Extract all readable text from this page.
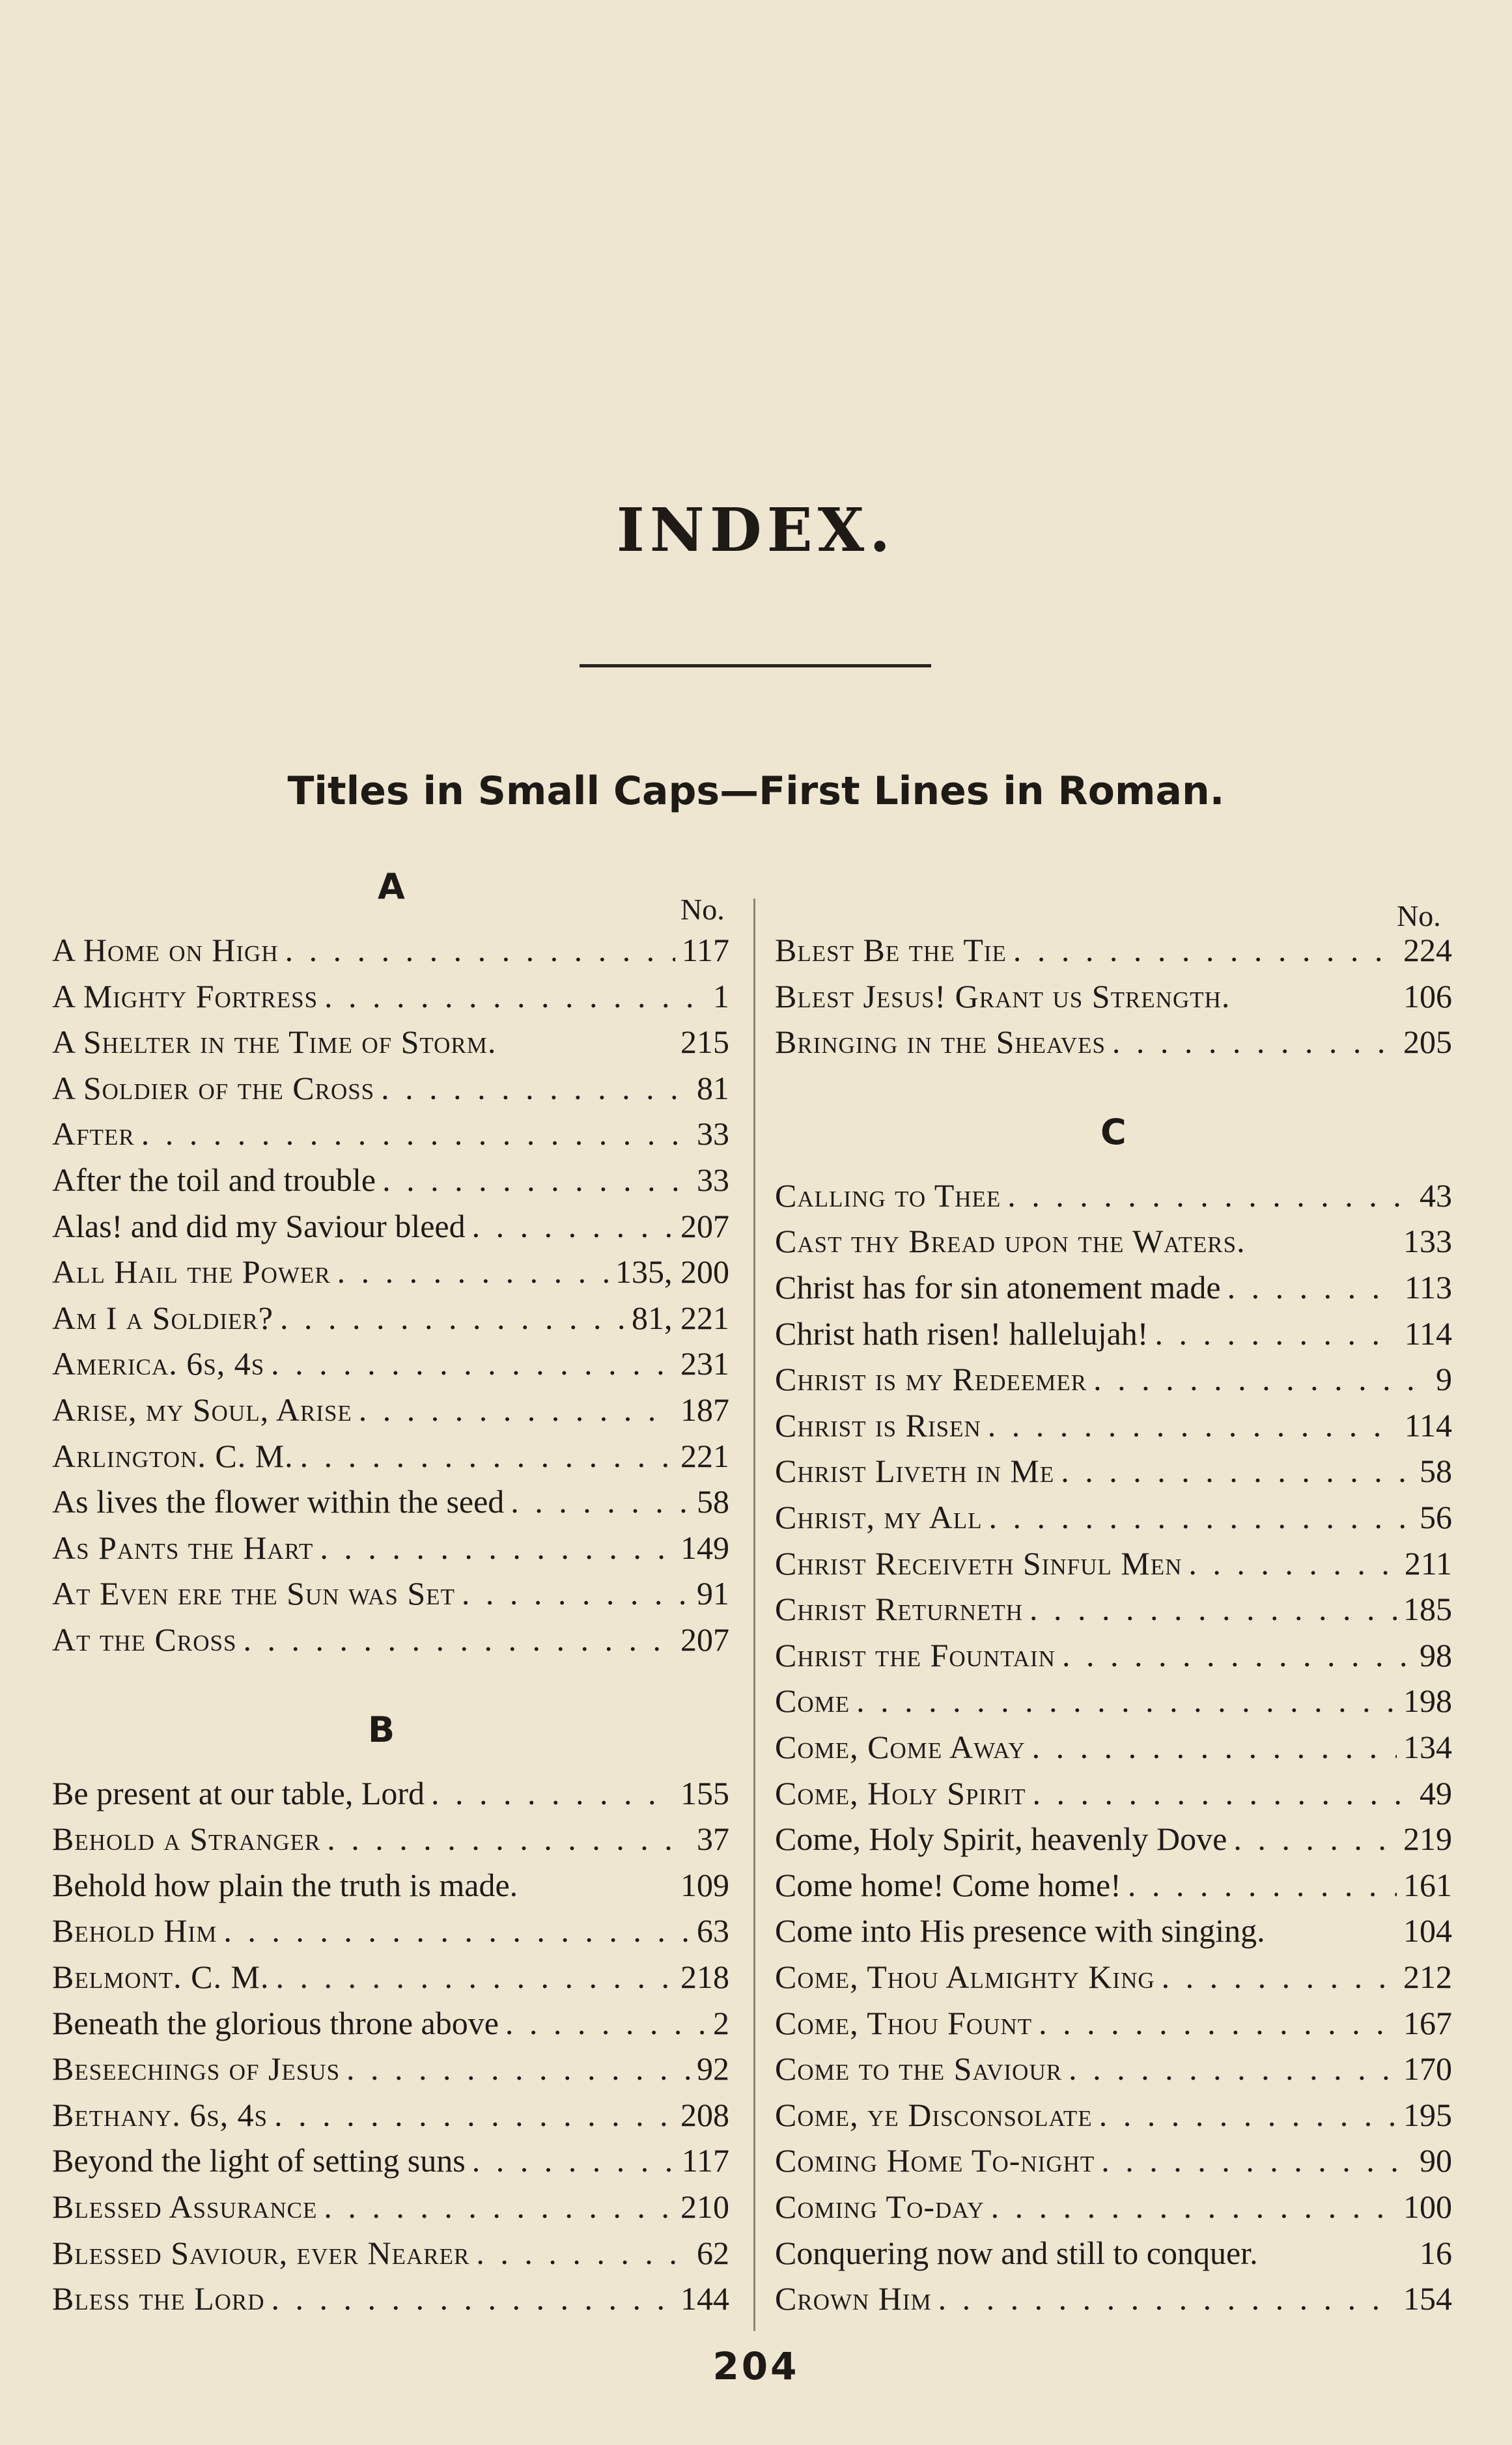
INDEX.
Titles in Small Caps—First Lines in Roman.
No.
A
A Home on High . . .	117
A Mighty Fortress . . .	1
A Shelter in the Time of Storm.	215
A Soldier of the Cross . . .	81
After . . .	33
After the toil and trouble . . .	33
Alas! and did my Saviour bleed . . .	207
All Hail the Power . . .	135, 200
Am I a Soldier? . . .	81, 221
America. 6s, 4s . . .	231
Arise, my Soul, Arise . . .	187
Arlington. C. M. . . .	221
As lives the flower within the seed . . .	58
As Pants the Hart . . .	149
At Even ere the Sun was Set . . .	91
At the Cross . . .	207
B
Be present at our table, Lord . . .	155
Behold a Stranger . . .	37
Behold how plain the truth is made.	109
Behold Him . . .	63
Belmont. C. M. . . .	218
Beneath the glorious throne above . . .	2
Beseechings of Jesus . . .	92
Bethany. 6s, 4s . . .	208
Beyond the light of setting suns . . .	117
Blessed Assurance . . .	210
Blessed Saviour, ever Nearer . . .	62
Bless the Lord . . .	144
No.
Blest Be the Tie . . .	224
Blest Jesus! Grant us Strength.	106
Bringing in the Sheaves . . .	205
C
Calling to Thee . . .	43
Cast thy Bread upon the Waters.	133
Christ has for sin atonement made . . .	113
Christ hath risen! hallelujah! . . .	114
Christ is my Redeemer . . .	9
Christ is Risen . . .	114
Christ Liveth in Me . . .	58
Christ, my All . . .	56
Christ Receiveth Sinful Men . . .	211
Christ Returneth . . .	185
Christ the Fountain . . .	98
Come . . .	198
Come, Come Away . . .	134
Come, Holy Spirit . . .	49
Come, Holy Spirit, heavenly Dove . . .	219
Come home! Come home! . . .	161
Come into His presence with singing.	104
Come, Thou Almighty King . . .	212
Come, Thou Fount . . .	167
Come to the Saviour . . .	170
Come, ye Disconsolate . . .	195
Coming Home To-night . . .	90
Coming To-day . . .	100
Conquering now and still to conquer.	16
Crown Him . . .	154
204
